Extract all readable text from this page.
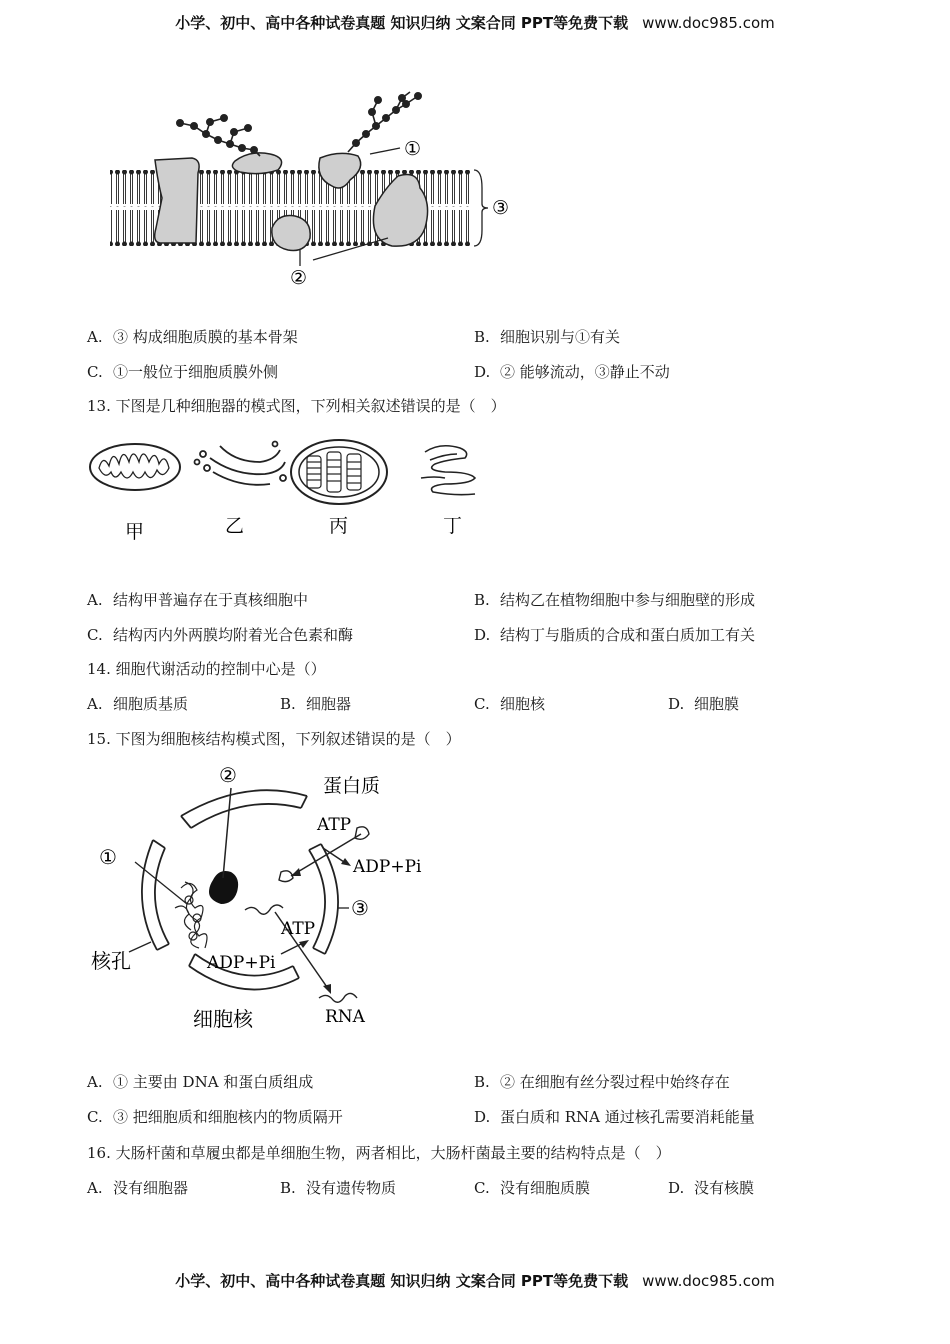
小学、初中、高中各种试卷真题 知识归纳 文案合同 PPT等免费下载 www.doc985.com
①
②
③
A. ③ 构成细胞质膜的基本骨架	B. 细胞识别与①有关
C. ①一般位于细胞质膜外侧	D. ② 能够流动，③静止不动
13. 下图是几种细胞器的模式图，下列相关叙述错误的是（　）
甲	乙	丙	丁
A. 结构甲普遍存在于真核细胞中	B. 结构乙在植物细胞中参与细胞壁的形成
C. 结构丙内外两膜均附着光合色素和酶	D. 结构丁与脂质的合成和蛋白质加工有关
14. 细胞代谢活动的控制中心是（）
A. 细胞质基质	B. 细胞器	C. 细胞核	D. 细胞膜
15. 下图为细胞核结构模式图，下列叙述错误的是（　）
②
①
ATP
ADP+Pi
蛋白质
ATP
ADP+Pi
RNA
③
核孔
细胞核
A. ① 主要由 DNA 和蛋白质组成	B. ② 在细胞有丝分裂过程中始终存在
C. ③ 把细胞质和细胞核内的物质隔开	D. 蛋白质和 RNA 通过核孔需要消耗能量
16. 大肠杆菌和草履虫都是单细胞生物，两者相比，大肠杆菌最主要的结构特点是（　）
A. 没有细胞器	B. 没有遗传物质	C. 没有细胞质膜	D. 没有核膜
小学、初中、高中各种试卷真题 知识归纳 文案合同 PPT等免费下载 www.doc985.com
